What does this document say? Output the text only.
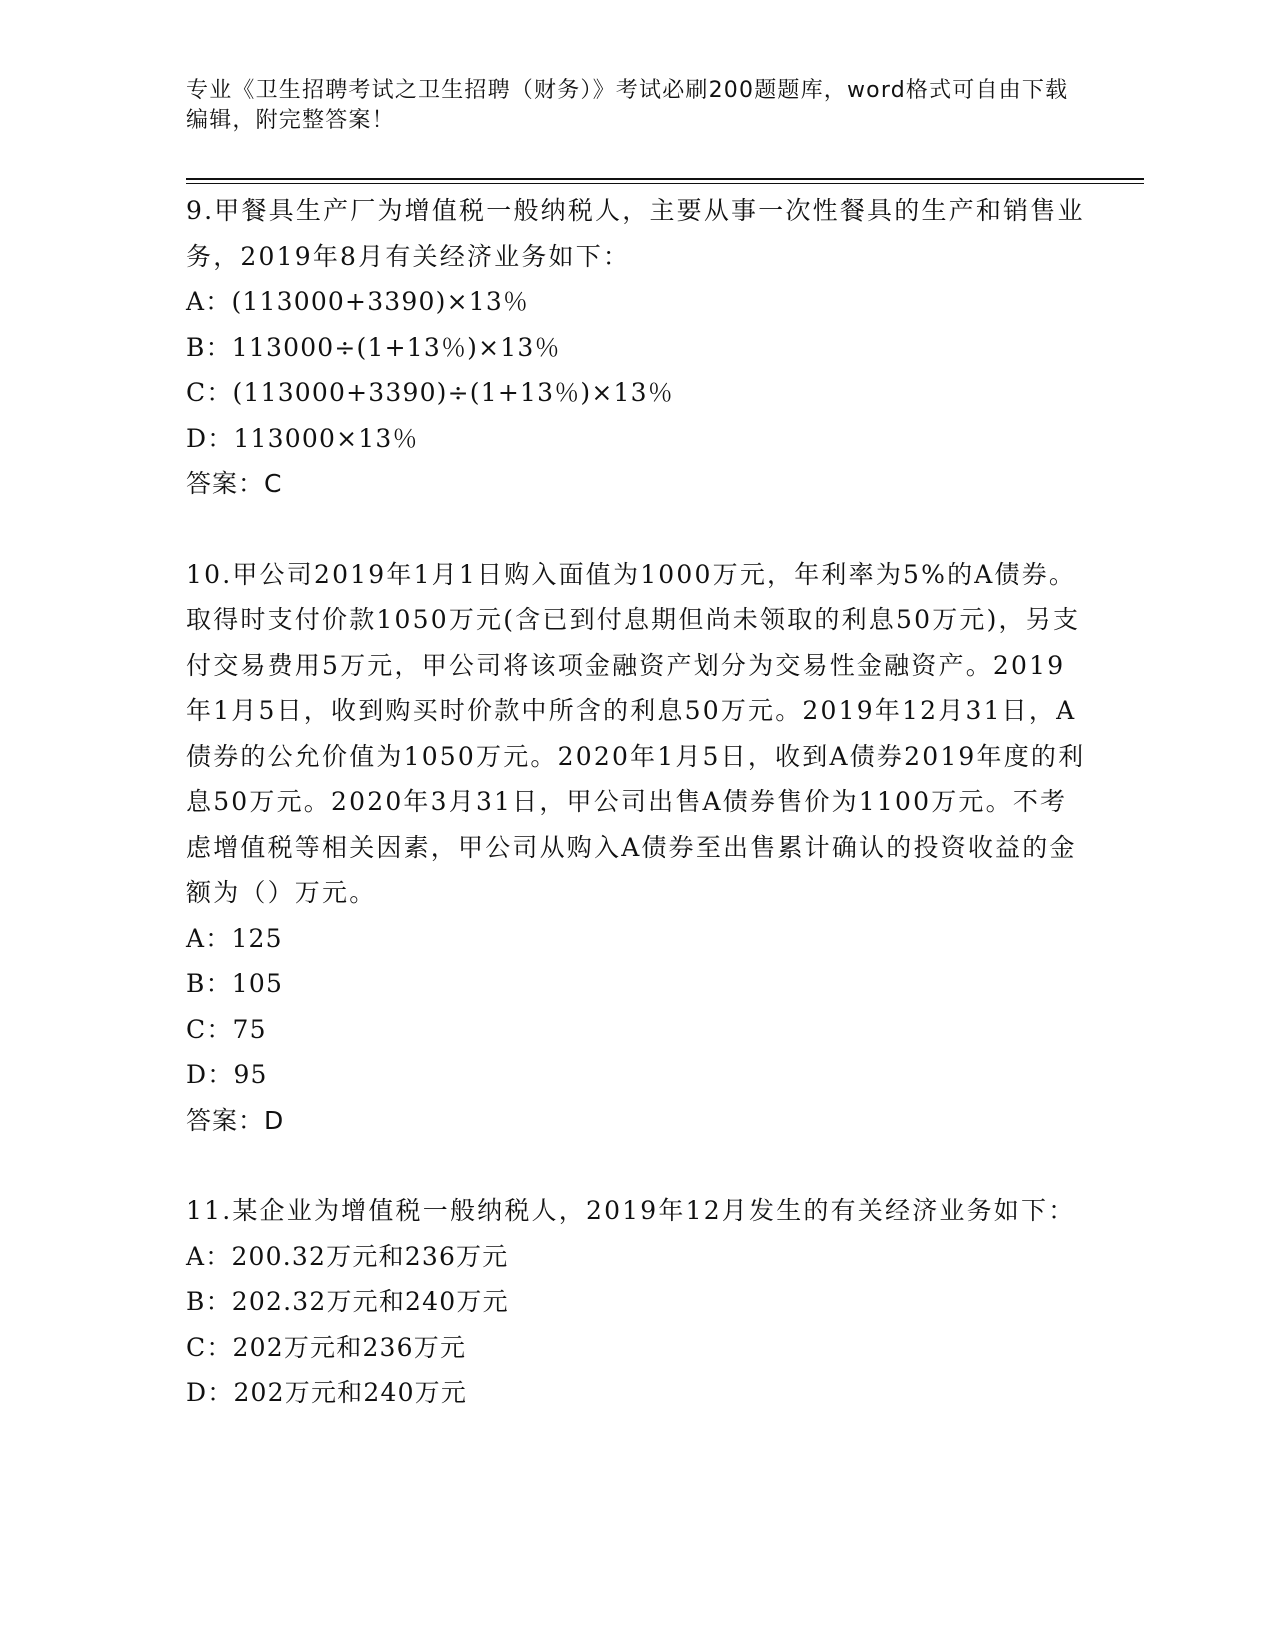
专业《卫生招聘考试之卫生招聘（财务）》考试必刷200题题库，word格式可自由下载编辑，附完整答案！
9.甲餐具生产厂为增值税一般纳税人，主要从事一次性餐具的生产和销售业务，2019年8月有关经济业务如下：
A：(113000+3390)×13％
B：113000÷(1+13％)×13％
C：(113000+3390)÷(1+13％)×13％
D：113000×13％
答案：C
10.甲公司2019年1月1日购入面值为1000万元，年利率为5%的A债券。取得时支付价款1050万元(含已到付息期但尚未领取的利息50万元)，另支付交易费用5万元，甲公司将该项金融资产划分为交易性金融资产。2019年1月5日，收到购买时价款中所含的利息50万元。2019年12月31日，A债券的公允价值为1050万元。2020年1月5日，收到A债券2019年度的利息50万元。2020年3月31日，甲公司出售A债券售价为1100万元。不考虑增值税等相关因素，甲公司从购入A债券至出售累计确认的投资收益的金额为（）万元。
A：125
B：105
C：75
D：95
答案：D
11.某企业为增值税一般纳税人，2019年12月发生的有关经济业务如下：
A：200.32万元和236万元
B：202.32万元和240万元
C：202万元和236万元
D：202万元和240万元
